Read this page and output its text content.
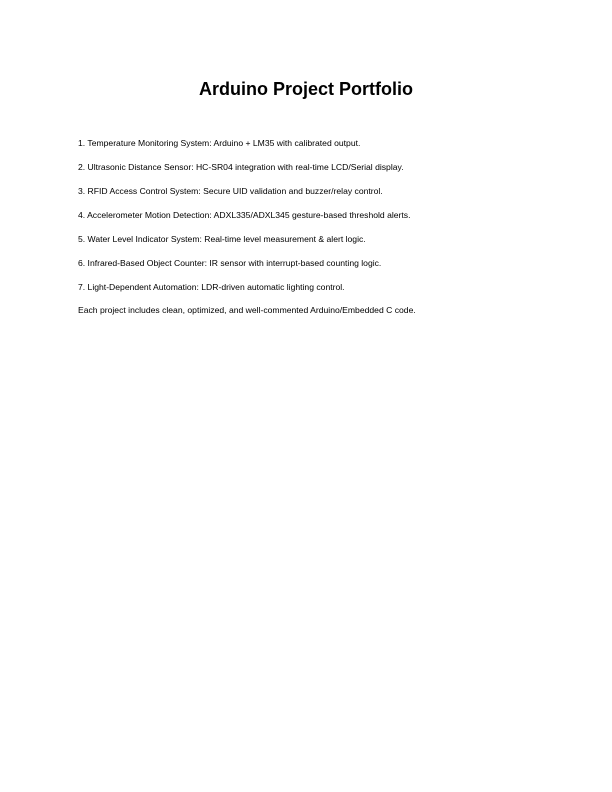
Arduino Project Portfolio
1. Temperature Monitoring System: Arduino + LM35 with calibrated output.
2. Ultrasonic Distance Sensor: HC-SR04 integration with real-time LCD/Serial display.
3. RFID Access Control System: Secure UID validation and buzzer/relay control.
4. Accelerometer Motion Detection: ADXL335/ADXL345 gesture-based threshold alerts.
5. Water Level Indicator System: Real-time level measurement & alert logic.
6. Infrared-Based Object Counter: IR sensor with interrupt-based counting logic.
7. Light-Dependent Automation: LDR-driven automatic lighting control.
Each project includes clean, optimized, and well-commented Arduino/Embedded C code.
